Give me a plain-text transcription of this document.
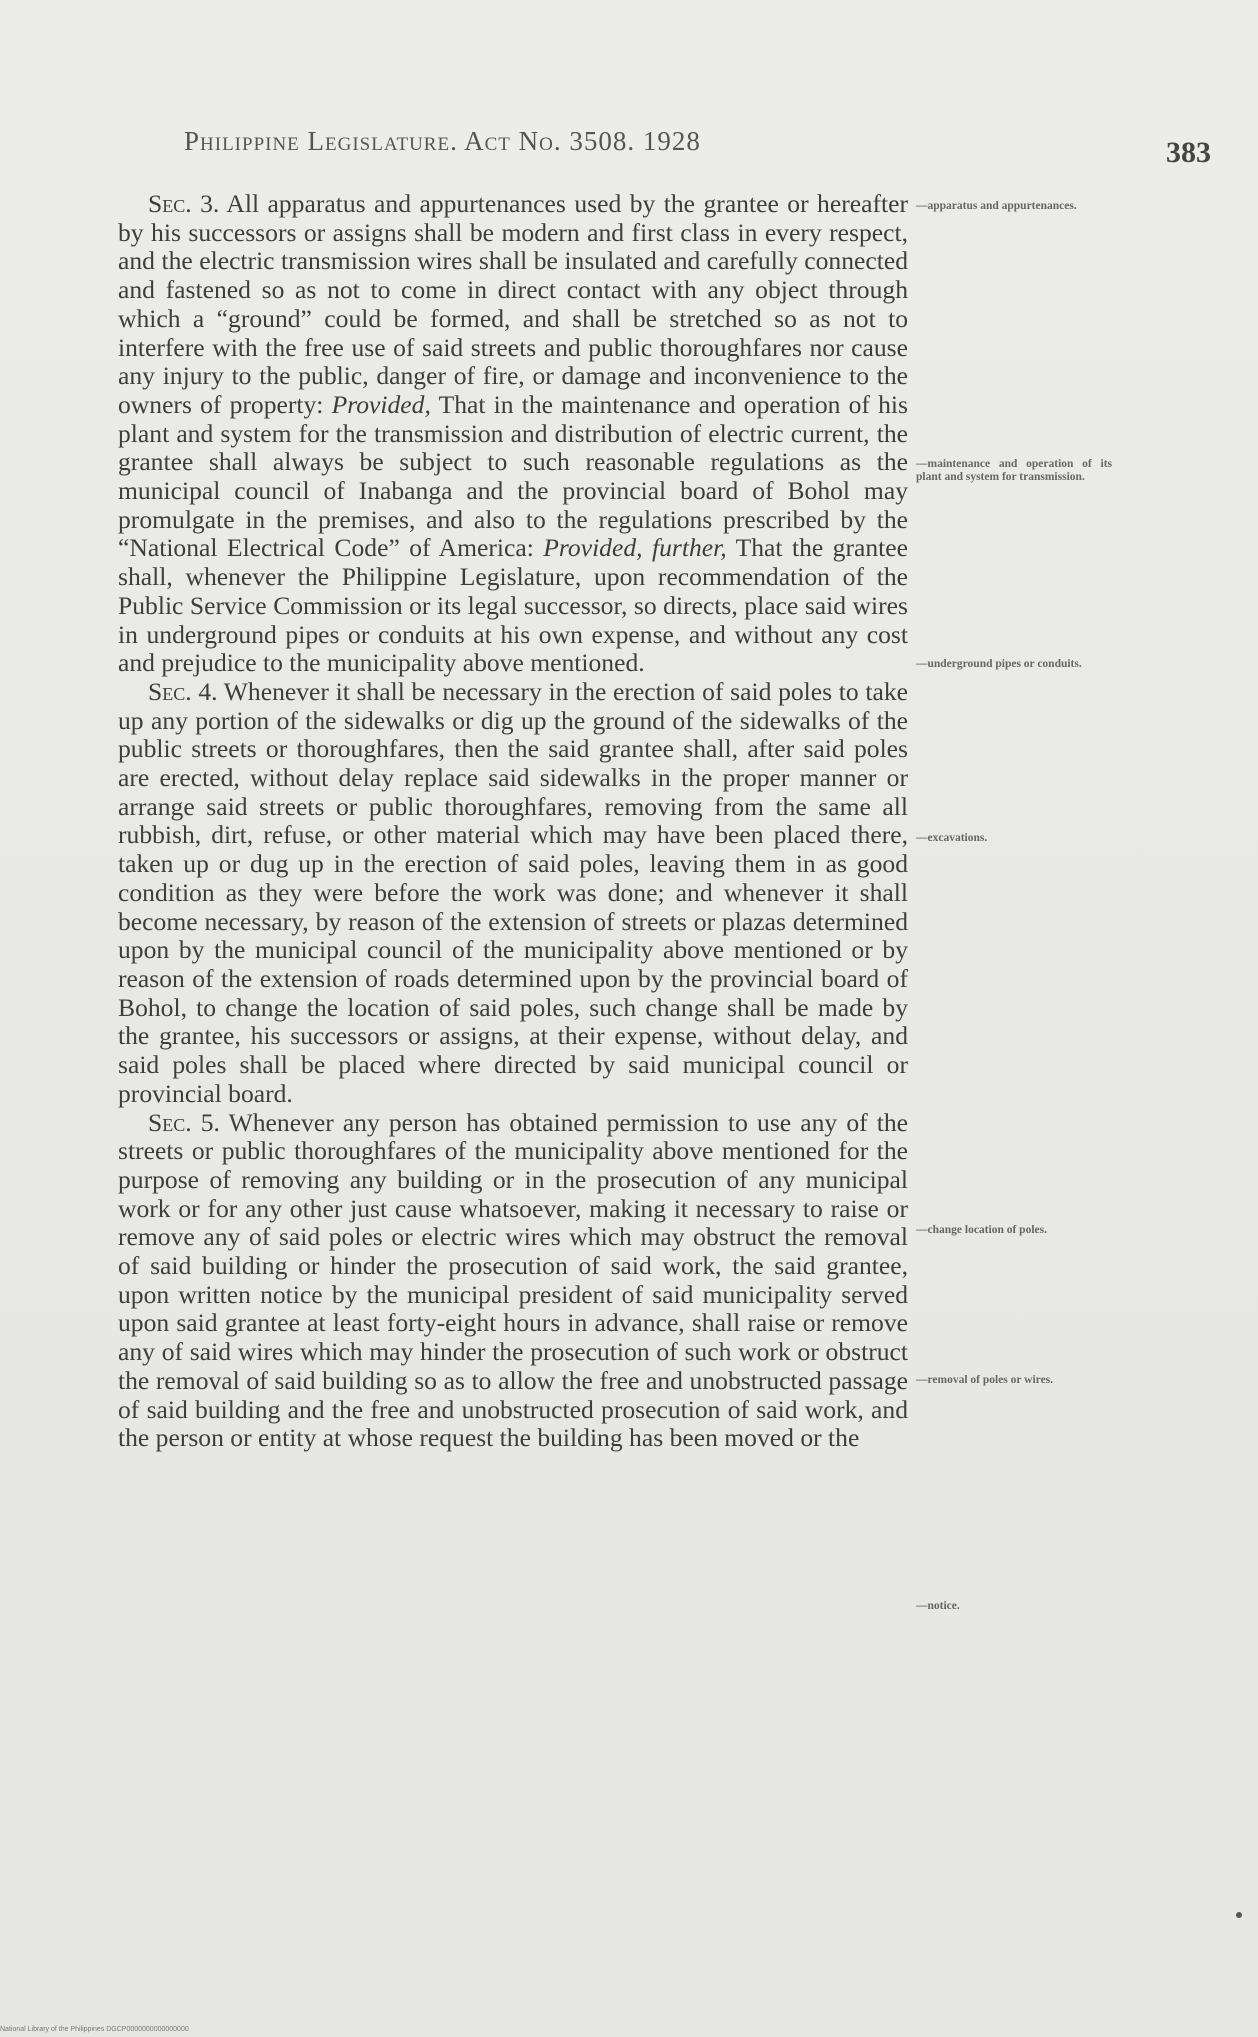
Philippine Legislature. Act No. 3508. 1928	383

Sec. 3. All apparatus and appurtenances used by the grantee or hereafter by his successors or assigns shall be modern and first class in every respect, and the electric transmission wires shall be insulated and carefully connected and fastened so as not to come in direct contact with any object through which a “ground” could be formed, and shall be stretched so as not to interfere with the free use of said streets and public thoroughfares nor cause any injury to the public, danger of fire, or damage and inconvenience to the owners of property: Provided, That in the maintenance and operation of his plant and system for the transmission and distribution of electric current, the grantee shall always be subject to such reasonable regulations as the municipal council of Inabanga and the provincial board of Bohol may promulgate in the premises, and also to the regulations prescribed by the “National Electrical Code” of America: Provided, further, That the grantee shall, whenever the Philippine Legislature, upon recommendation of the Public Service Commission or its legal successor, so directs, place said wires in underground pipes or conduits at his own expense, and without any cost and prejudice to the municipality above mentioned.

Sec. 4. Whenever it shall be necessary in the erection of said poles to take up any portion of the sidewalks or dig up the ground of the sidewalks of the public streets or thoroughfares, then the said grantee shall, after said poles are erected, without delay replace said sidewalks in the proper manner or arrange said streets or public thoroughfares, removing from the same all rubbish, dirt, refuse, or other material which may have been placed there, taken up or dug up in the erection of said poles, leaving them in as good condition as they were before the work was done; and whenever it shall become necessary, by reason of the extension of streets or plazas determined upon by the municipal council of the municipality above mentioned or by reason of the extension of roads determined upon by the provincial board of Bohol, to change the location of said poles, such change shall be made by the grantee, his successors or assigns, at their expense, without delay, and said poles shall be placed where directed by said municipal council or provincial board.

Sec. 5. Whenever any person has obtained permission to use any of the streets or public thoroughfares of the municipality above mentioned for the purpose of removing any building or in the prosecution of any municipal work or for any other just cause whatsoever, making it necessary to raise or remove any of said poles or electric wires which may obstruct the removal of said building or hinder the prosecution of said work, the said grantee, upon written notice by the municipal president of said municipality served upon said grantee at least forty-eight hours in advance, shall raise or remove any of said wires which may hinder the prosecution of such work or obstruct the removal of said building so as to allow the free and unobstructed passage of said building and the free and unobstructed prosecution of said work, and the person or entity at whose request the building has been moved or the

—apparatus and appurtenances.
—maintenance and operation of its plant and system for transmission.
—underground pipes or conduits.
—excavations.
—change location of poles.
—removal of poles or wires.
—notice.
National Library of the Philippines DGCP0000000000000000
